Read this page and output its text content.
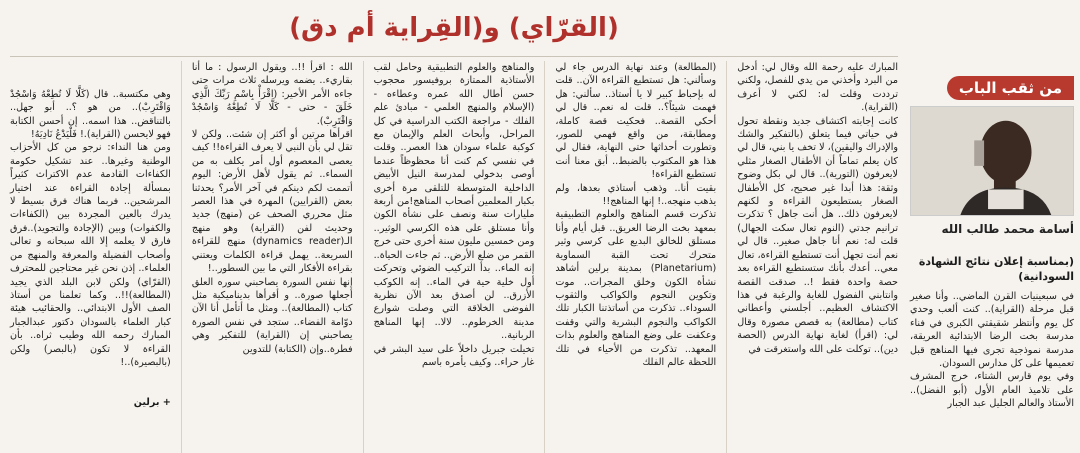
من ثقب الباب
أسامة محمد طالب الله
(بمناسبة إعلان نتائج الشهادة السودانية)
في سبعينيات القرن الماضي.. وأنا صغير قبل مرحلة (القراية).. كنت ألعب وحدي كل يوم وأنتظر شقيقتي الكبرى في فناء مدرسة بخت الرضا الابتدائية العريقة، مدرسة نموذجية تجرى فيها المناهج قبل تعميمها على كل مدارس السودان.
وفي يوم قارس الشتاء، خرج المشرف على تلاميذ العام الأول (أبو الفضل).. الأستاذ والعالم الجليل عبد الجبار
(القرّاي) و(القِراية أم دق)
المبارك عليه رحمة الله وقال لي: أدخل من البرد وأخذني من يدي للفصل، ولكني ترددت وقلت له: لكني لا أعرف (القراية).
كانت إجابته اكتشاف جديد ونقطة تحول في حياتي فيما يتعلق (بالتفكير والشك والإدراك واليقين)، لا تخف يا بني، قال لي كان يعلم تماماً أن الأطفال الصغار مثلي لايعرفون (التورية).. قال لي بكل وضوح وثقة: هذا أبدا غير صحيح، كل الأطفال الصغار يستطيعون القراءة و لكنهم لايعرفون ذلك.. هل أنت جاهل ؟ تذكرت ترانيم جدتي (النوم تعال سكت الجهال) قلت له: نعم أنا جاهل صغير.. قال لي نعم أنت تجهل أنت تستطيع القراءة، تعال معي.. أعدك بأنك ستستطيع القراءة بعد حصة واحدة فقط !.. صدقت القصة وانتابني الفضول للغاية والرغبة في هذا الاكتشاف العظيم.. أجلسني وأعطاني كتاب (مطالعة) به قصص مصورة وقال لي: (اقرأ) لغاية نهاية الدرس (الحصة دين).. توكلت على الله واستغرقت في
(المطالعة) وعند نهاية الدرس جاء لي وسألني: هل تستطيع القراءة الآن.. قلت له بإحباط كبير لا يا أستاذ.. سألني: هل فهمت شيئاً؟.. قلت له نعم.. قال لي أحكي القصة.. فحكيت قصة كاملة، ومطابقة، من واقع فهمي للصور، وتطورت أحداثها حتى النهاية، فقال لي هذا هو المكتوب بالضبط.. أبق معنا أنت تستطيع القراءة!
بقيت أنا.. وذهب أستاذي بعدها، ولم يذهب منهجه..! إنها المناهج!!
تذكرت قسم المناهج والعلوم التطبيقية بمعهد بخت الرضا العريق.. قبل أيام وأنا مستلق للخالق البديع على كرسي وثير متحرك تحت القبة السماوية (Planetarium) بمدينة برلين أشاهد نشأة الكون وخلق المجرات.. موت وتكوين النجوم والكواكب والثقوب السوداء.. تذكرت من أساتذتنا الكبار تلك الكواكب والنجوم البشرية والتي وقفت وعكفت على وضع المناهج والعلوم بذات المعهد.. تذكرت من الأحياء في تلك اللحظة عالم الفلك
والمناهج والعلوم التطبيقية وحامل لقب الأستاذية الممتازة بروفيسور محجوب حسن أطال الله عمره وعطاءه - (الإسلام والمنهج العلمي - مبادئ علم الفلك - مراجعة الكتب الدراسية في كل المراحل، وأبحاث العلم والإيمان مع كوكبة علماء سودان هذا العصر.. وقلت في نفسي كم كنت أنا محظوظاً عندما أوصى بدخولي لمدرسة النيل الأبيض الداخلية المتوسطة للتلقى مرة أخرى بكبار المعلمين أصحاب المناهج!من أربعة مليارات سنة ونصف على نشأة الكون وأنا مستلق على هذه الكرسي الوثير.. ومن خمسين مليون سنة أخرى حتى خرج القمر من ضلع الأرض.. ثم جاءت الحياة.. إنه الماء.. بدأ التركيب الضوئي وتحركت أول خلية حية في الماء.. إنه الكوكب الأزرق.. لن أصدق بعد الآن نظرية الفوضى الخلاقة التي وصلت شوارع مدينة الخرطوم.. لالا.. إنها المناهج الربانية..
تخيلت جبريل داخلاً على سيد البشر في غار حراء.. وكيف يأمره باسم
الله : اقرأ !!.. ويقول الرسول : ما أنا بقاريء.. يضمه ويرسله ثلاث مرات حتى جاءه الأمر الأخير: (اقْرَأْ بِاسْمِ رَبِّكَ الَّذِي خَلَقَ - حتى - كَلَّا لَا تُطِعْهُ وَاسْجُدْ وَاقْتَرِبْ).
اقرأها مرتين أو أكثر إن شئت.. ولكن لا تقل لي بأن النبي لا يعرف القراءة!! كيف يعصى المعصوم أول أمر يكلف به من السماء.. ثم يقول لأهل الأرض: اليوم أتممت لكم دينكم في آخر الأمر؟ يحدثنا بعض (القرايين) المهرة في هذا العصر مثل محرري الصحف عن (منهج) جديد وحديث لفن (القراية) وهو منهج الـ(dynamics reader) منهج للقراءة السريعة.. يهمل قراءة الكلمات ويعتني بقراءة الأفكار التي ما بين السطور..!
إنها نفس السورة يصاحبني سوره العلق أجعلها صورة.. و أقرأها بديناميكية مثل كتاب (المطالعة).. ومثل ما أتأمل أنا الآن دوّامة الفضاء.. ستجد في نفس الصورة يصاحبني إن (القراية) للتفكير وهي فطرة..وإن (الكتابة) للتدوين

وهي مكتسبة.. قال (كَلَّا لَا تُطِعْهُ وَاسْجُدْ وَاقْتَرِبْ).. من هو ؟.. أبو جهل.. بالتناقض.. هذا اسمه.. إن أحسن الكتابة فهو لايحسن (القراية).! فَلْيَدْعُ نَادِيَهُ!
ومن هنا النداء: نرجو من كل الأحزاب الوطنية وغيرها.. عند تشكيل حكومة الكفاءات القادمة عدم الاكتراث كثيراً بمسألة إجادة القراءة عند اختيار المرشحين.. فربما هناك فرق بسيط لا يدرك بالعين المجردة بين (الكفاءات والكفوات) وبين (الإجادة والتجويد)..فرق فارق لا يعلمه إلا الله سبحانه و تعالى وأصحاب الفضيلة والمعرفة والمنهج من العلماء.. إذن نحن غير محتاجين للمحترف (القرّاي) ولكن لابن البلد الذي يجيد (المطالعة)!!.. وكما تعلمنا من أستاذ الصف الأول الابتدائي.. والحقائيب هيئة كبار العلماء بالسودان دكتور عبدالجبار المبارك رحمه الله وطيب ثراه.. بأن القراءة لا تكون (بالبصر) ولكن (بالبصيرة)..!

+ برلين
